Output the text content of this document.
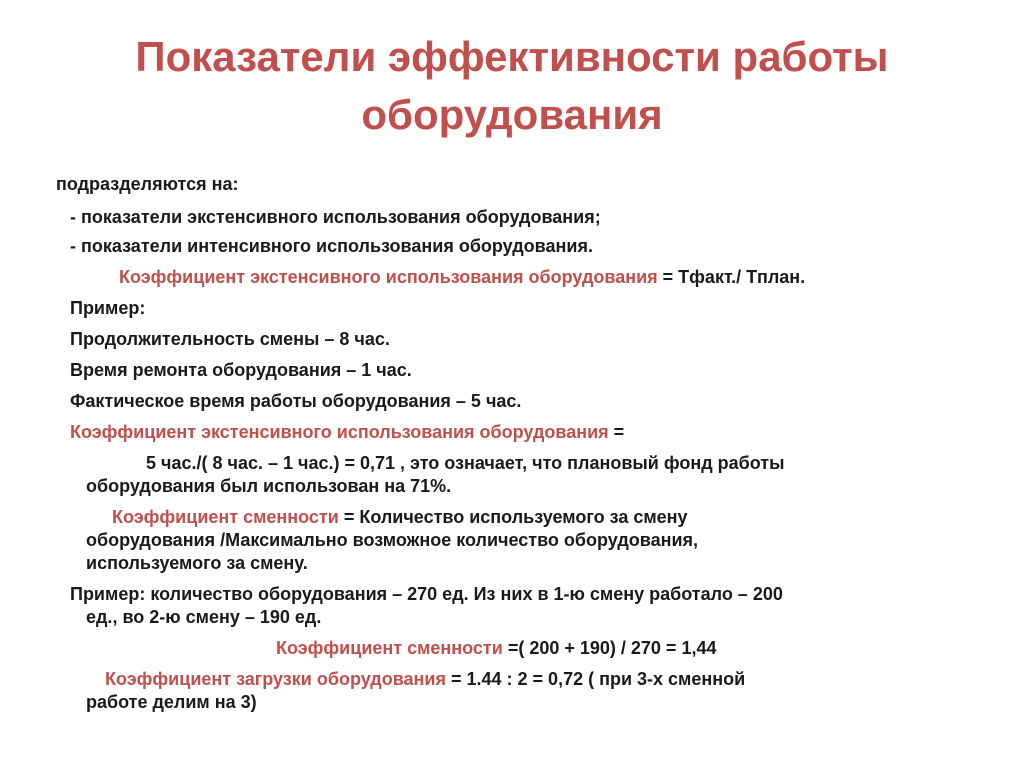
Показатели эффективности работы
оборудования
подразделяются на:
- показатели экстенсивного использования оборудования;
- показатели интенсивного использования оборудования.
Коэффициент экстенсивного использования оборудования = Тфакт./ Тплан.
Пример:
Продолжительность смены – 8 час.
Время ремонта оборудования – 1 час.
Фактическое время работы оборудования – 5 час.
Коэффициент экстенсивного использования оборудования =
5 час./( 8 час. – 1 час.) = 0,71 , это означает, что плановый фонд работы
оборудования был использован на 71%.
Коэффициент сменности = Количество используемого за смену
оборудования /Максимально возможное количество оборудования,
используемого за смену.
Пример: количество оборудования – 270 ед. Из них в 1-ю смену работало – 200
ед., во 2-ю смену – 190 ед.
Коэффициент сменности =( 200 + 190) / 270 = 1,44
Коэффициент загрузки оборудования = 1.44 : 2 = 0,72 ( при 3-х сменной
работе делим на 3)
